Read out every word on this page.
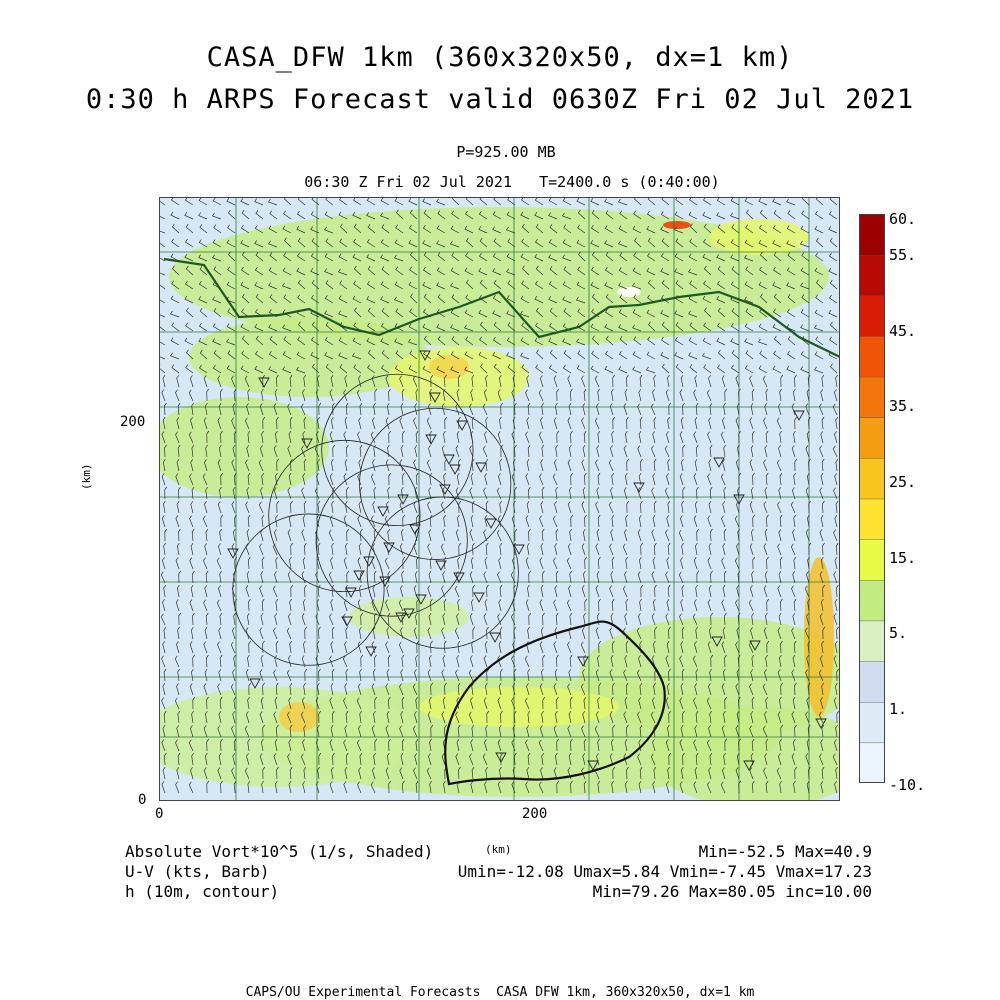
CASA_DFW 1km (360x320x50, dx=1 km)
0:30 h ARPS Forecast valid 0630Z Fri 02 Jul 2021
P=925.00 MB
06:30 Z Fri 02 Jul 2021   T=2400.0 s (0:40:00)
200
0
0	200
(km)
(km)
60.
55.
45.
35.
25.
15.
5.
1.
-10.
Absolute Vort*10^5 (1/s, Shaded)
U-V (kts, Barb)
h (10m, contour)
Min=-52.5 Max=40.9
Umin=-12.08 Umax=5.84 Vmin=-7.45 Vmax=17.23
Min=79.26 Max=80.05 inc=10.00
CAPS/OU Experimental Forecasts  CASA DFW 1km, 360x320x50, dx=1 km
